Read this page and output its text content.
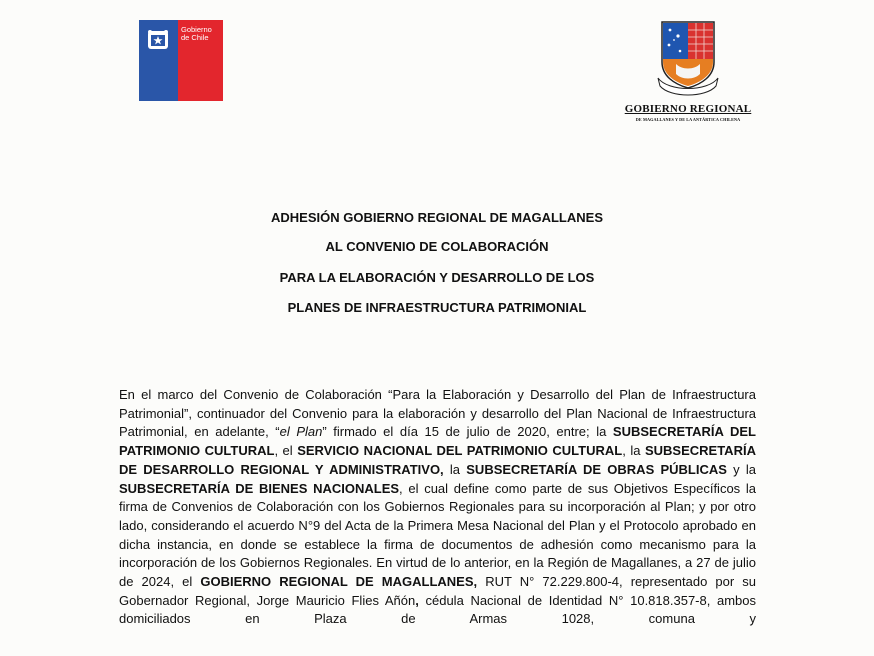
Gobierno
de Chile
GOBIERNO REGIONAL
DE MAGALLANES Y DE LA ANTÁRTICA CHILENA
ADHESIÓN GOBIERNO REGIONAL DE MAGALLANES
AL CONVENIO DE COLABORACIÓN
PARA LA ELABORACIÓN Y DESARROLLO DE LOS
PLANES DE INFRAESTRUCTURA PATRIMONIAL

En el marco del Convenio de Colaboración “Para la Elaboración y Desarrollo del Plan de Infraestructura Patrimonial”, continuador del Convenio para la elaboración y desarrollo del Plan Nacional de Infraestructura Patrimonial, en adelante, “el Plan” firmado el día 15 de julio de 2020, entre; la SUBSECRETARÍA DEL PATRIMONIO CULTURAL, el SERVICIO NACIONAL DEL PATRIMONIO CULTURAL, la SUBSECRETARÍA DE DESARROLLO REGIONAL Y ADMINISTRATIVO, la SUBSECRETARÍA DE OBRAS PÚBLICAS y la SUBSECRETARÍA DE BIENES NACIONALES, el cual define como parte de sus Objetivos Específicos la firma de Convenios de Colaboración con los Gobiernos Regionales para su incorporación al Plan; y por otro lado, considerando el acuerdo N°9 del Acta de la Primera Mesa Nacional del Plan y el Protocolo aprobado en dicha instancia, en donde se establece la firma de documentos de adhesión como mecanismo para la incorporación de los Gobiernos Regionales. En virtud de lo anterior, en la Región de Magallanes, a 27 de julio de 2024, el GOBIERNO REGIONAL DE MAGALLANES, RUT N° 72.229.800-4, representado por su Gobernador Regional, Jorge Mauricio Flies Añón, cédula Nacional de Identidad N° 10.818.357-8, ambos domiciliados en Plaza de Armas 1028, comuna y
